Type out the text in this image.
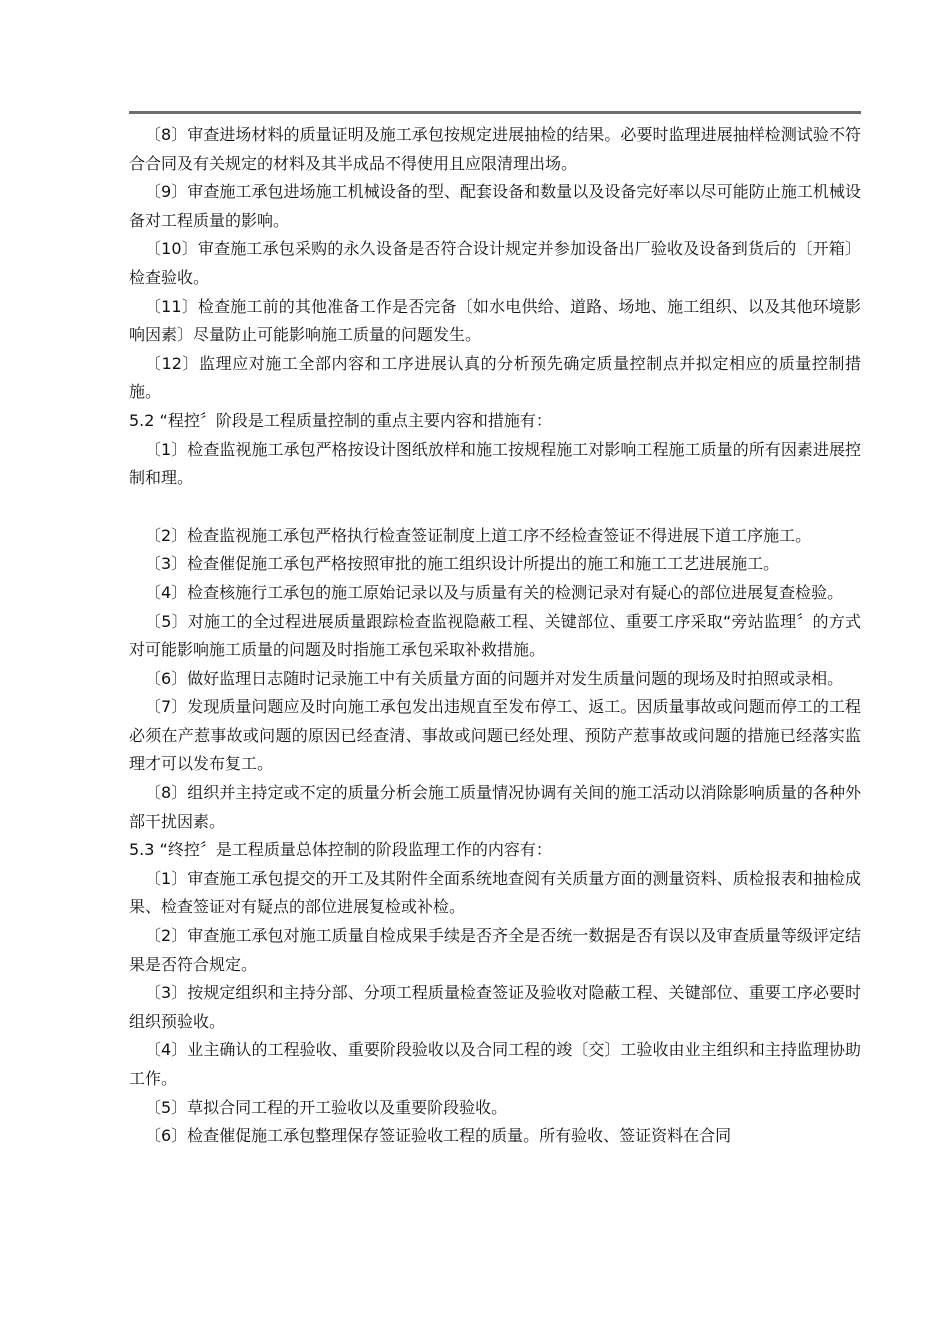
〔8〕审查进场材料的质量证明及施工承包按规定进展抽检的结果。必要时监理进展抽样检测试验不符合合同及有关规定的材料及其半成品不得使用且应限清理出场。

〔9〕审查施工承包进场施工机械设备的型、配套设备和数量以及设备完好率以尽可能防止施工机械设备对工程质量的影响。

〔10〕审查施工承包采购的永久设备是否符合设计规定并参加设备出厂验收及设备到货后的〔开箱〕检查验收。

〔11〕检查施工前的其他准备工作是否完备〔如水电供给、道路、场地、施工组织、以及其他环境影响因素〕尽量防止可能影响施工质量的问题发生。

〔12〕监理应对施工全部内容和工序进展认真的分析预先确定质量控制点并拟定相应的质量控制措施。

5.2 “程控〞阶段是工程质量控制的重点主要内容和措施有：

〔1〕检查监视施工承包严格按设计图纸放样和施工按规程施工对影响工程施工质量的所有因素进展控制和理。

〔2〕检查监视施工承包严格执行检查签证制度上道工序不经检查签证不得进展下道工序施工。

〔3〕检查催促施工承包严格按照审批的施工组织设计所提出的施工和施工工艺进展施工。

〔4〕检查核施行工承包的施工原始记录以及与质量有关的检测记录对有疑心的部位进展复查检验。

〔5〕对施工的全过程进展质量跟踪检查监视隐蔽工程、关键部位、重要工序采取“旁站监理〞的方式对可能影响施工质量的问题及时指施工承包采取补救措施。

〔6〕做好监理日志随时记录施工中有关质量方面的问题并对发生质量问题的现场及时拍照或录相。

〔7〕发现质量问题应及时向施工承包发出违规直至发布停工、返工。因质量事故或问题而停工的工程必须在产惹事故或问题的原因已经查清、事故或问题已经处理、预防产惹事故或问题的措施已经落实监理才可以发布复工。

〔8〕组织并主持定或不定的质量分析会施工质量情况协调有关间的施工活动以消除影响质量的各种外部干扰因素。

5.3 “终控〞是工程质量总体控制的阶段监理工作的内容有：

〔1〕审查施工承包提交的开工及其附件全面系统地查阅有关质量方面的测量资料、质检报表和抽检成果、检查签证对有疑点的部位进展复检或补检。

〔2〕审查施工承包对施工质量自检成果手续是否齐全是否统一数据是否有误以及审查质量等级评定结果是否符合规定。

〔3〕按规定组织和主持分部、分项工程质量检查签证及验收对隐蔽工程、关键部位、重要工序必要时组织预验收。

〔4〕业主确认的工程验收、重要阶段验收以及合同工程的竣〔交〕工验收由业主组织和主持监理协助工作。

〔5〕草拟合同工程的开工验收以及重要阶段验收。

〔6〕检查催促施工承包整理保存签证验收工程的质量。所有验收、签证资料在合同
